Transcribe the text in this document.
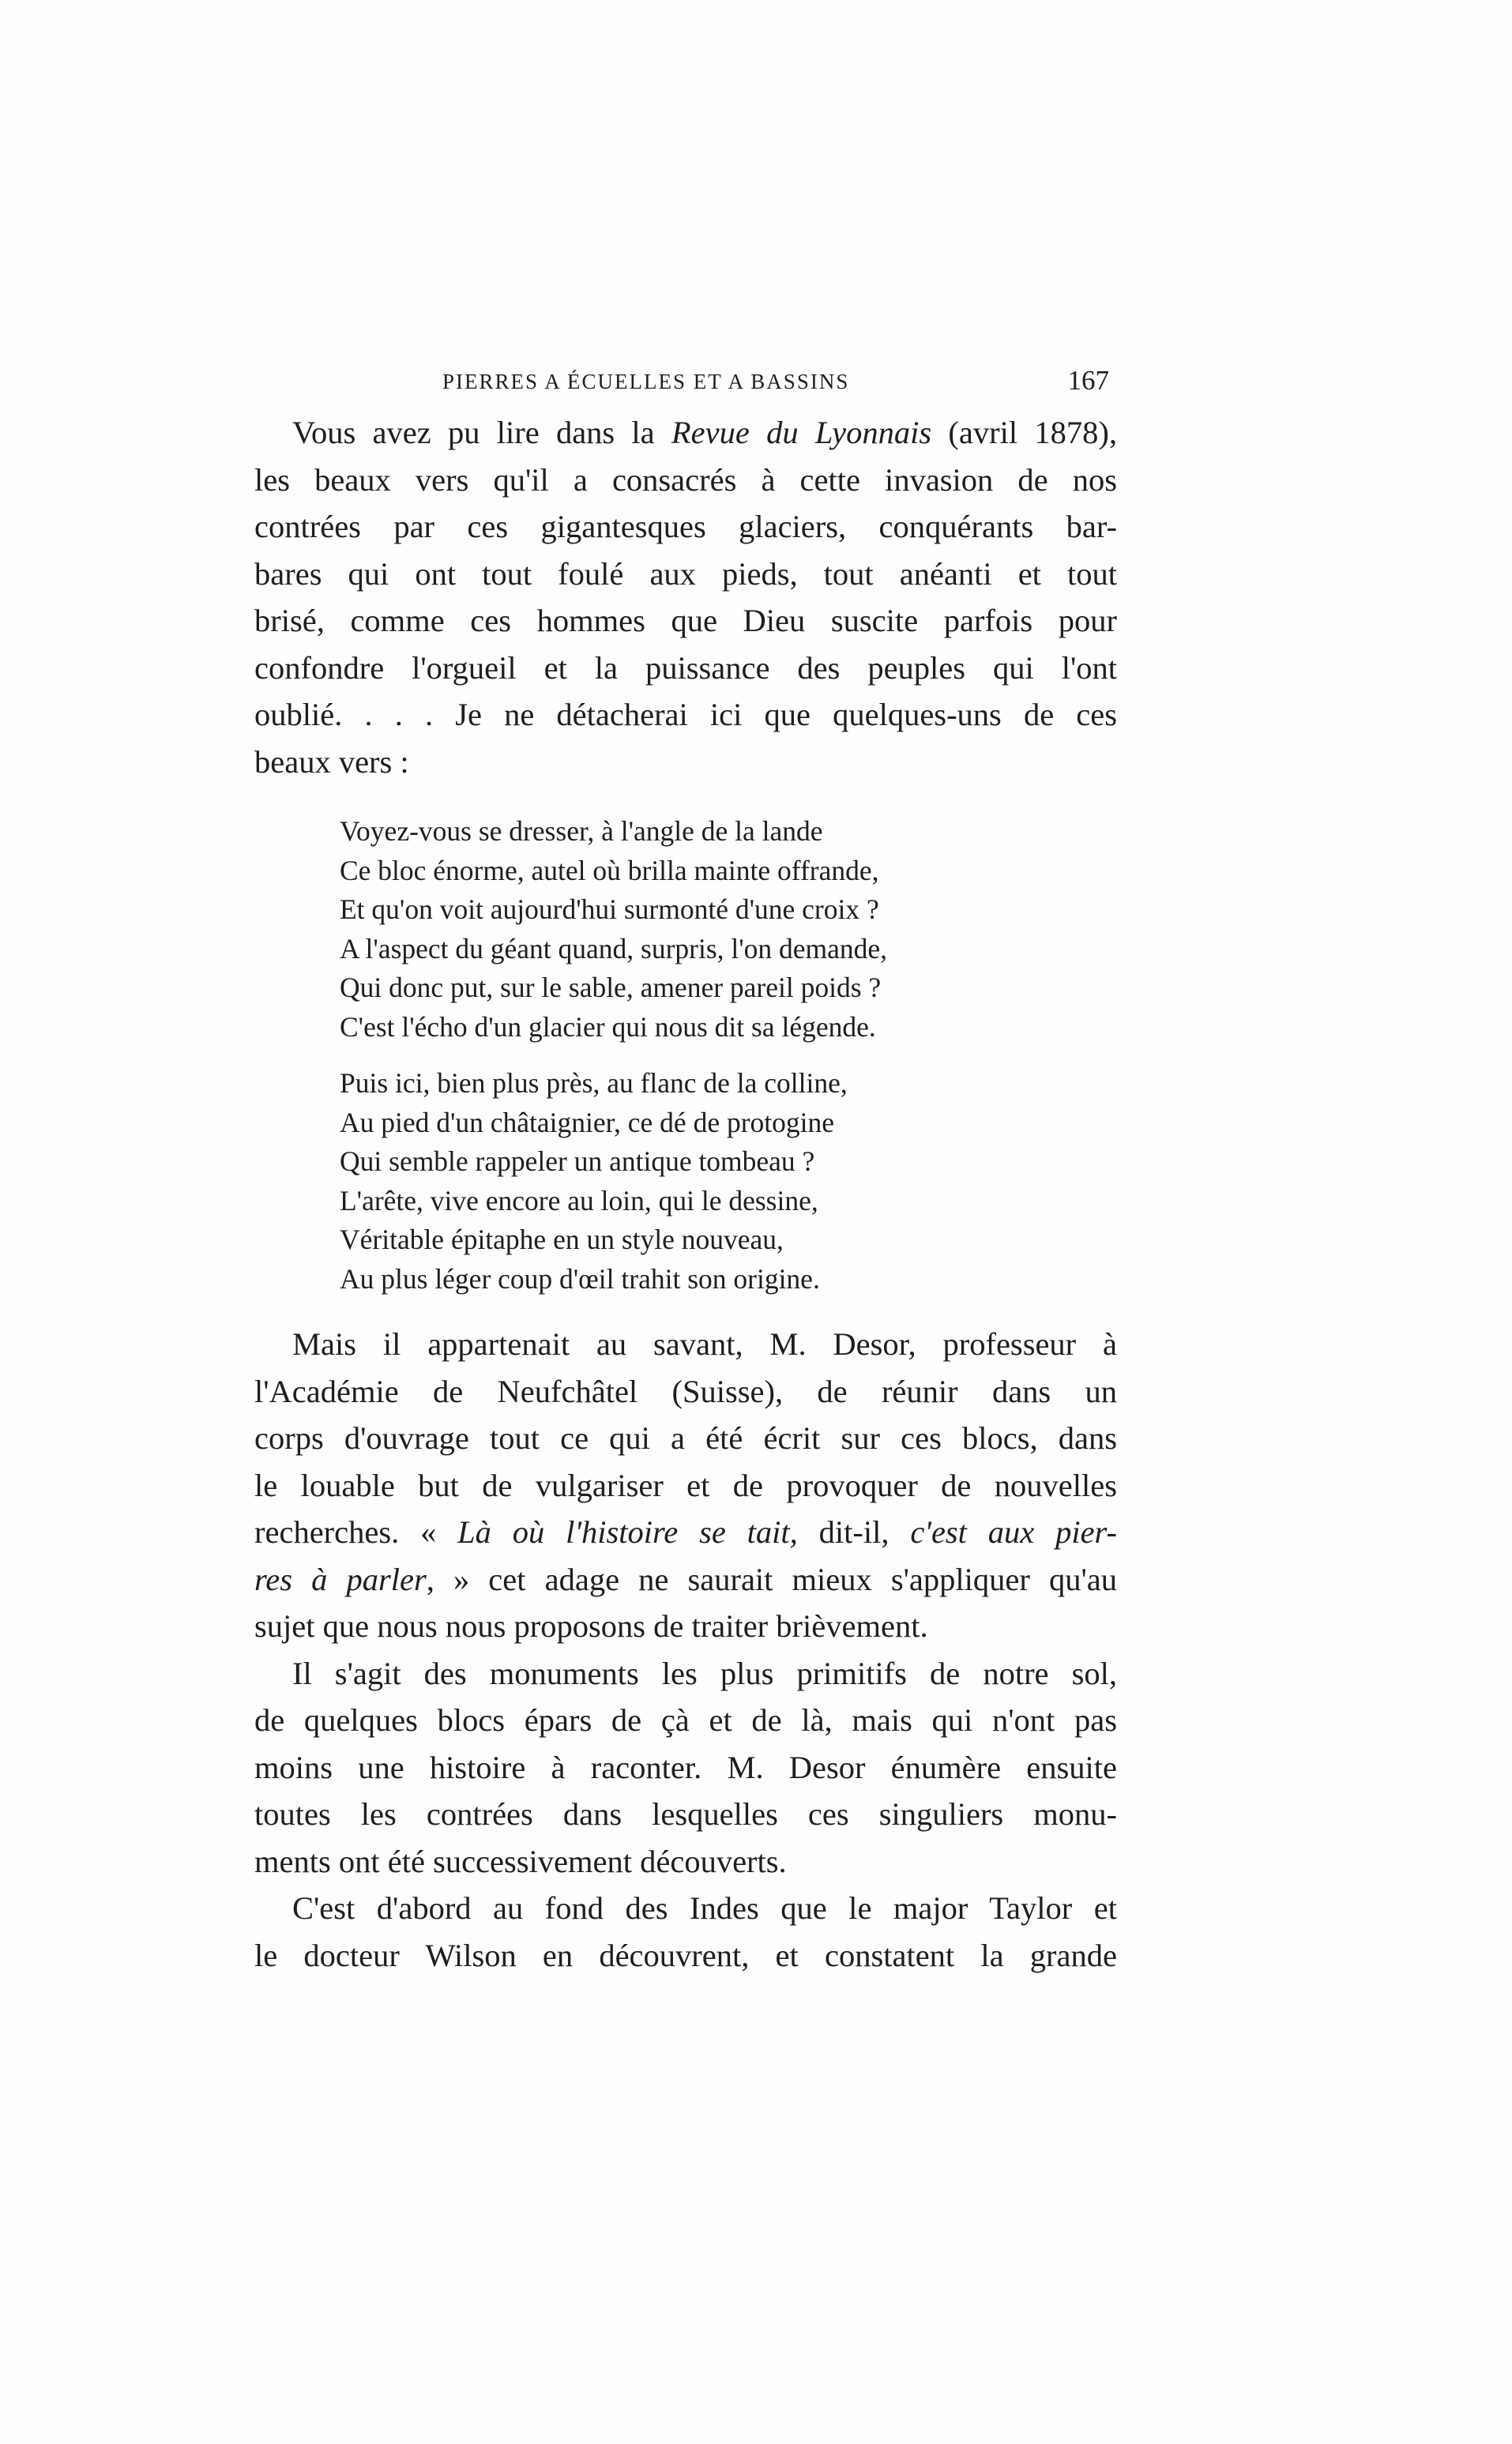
PIERRES A ÉCUELLES ET A BASSINS	167
Vous avez pu lire dans la Revue du Lyonnais (avril 1878),
les beaux vers qu'il a consacrés à cette invasion de nos
contrées par ces gigantesques glaciers, conquérants bar-
bares qui ont tout foulé aux pieds, tout anéanti et tout
brisé, comme ces hommes que Dieu suscite parfois pour
confondre l'orgueil et la puissance des peuples qui l'ont
oublié. . . . Je ne détacherai ici que quelques-uns de ces
beaux vers :
Voyez-vous se dresser, à l'angle de la lande
Ce bloc énorme, autel où brilla mainte offrande,
Et qu'on voit aujourd'hui surmonté d'une croix ?
A l'aspect du géant quand, surpris, l'on demande,
Qui donc put, sur le sable, amener pareil poids ?
C'est l'écho d'un glacier qui nous dit sa légende.
Puis ici, bien plus près, au flanc de la colline,
Au pied d'un châtaignier, ce dé de protogine
Qui semble rappeler un antique tombeau ?
L'arête, vive encore au loin, qui le dessine,
Véritable épitaphe en un style nouveau,
Au plus léger coup d'œil trahit son origine.
Mais il appartenait au savant, M. Desor, professeur à
l'Académie de Neufchâtel (Suisse), de réunir dans un
corps d'ouvrage tout ce qui a été écrit sur ces blocs, dans
le louable but de vulgariser et de provoquer de nouvelles
recherches. « Là où l'histoire se tait, dit-il, c'est aux pier-
res à parler, » cet adage ne saurait mieux s'appliquer qu'au
sujet que nous nous proposons de traiter brièvement.
Il s'agit des monuments les plus primitifs de notre sol,
de quelques blocs épars de çà et de là, mais qui n'ont pas
moins une histoire à raconter. M. Desor énumère ensuite
toutes les contrées dans lesquelles ces singuliers monu-
ments ont été successivement découverts.
C'est d'abord au fond des Indes que le major Taylor et
le docteur Wilson en découvrent, et constatent la grande
